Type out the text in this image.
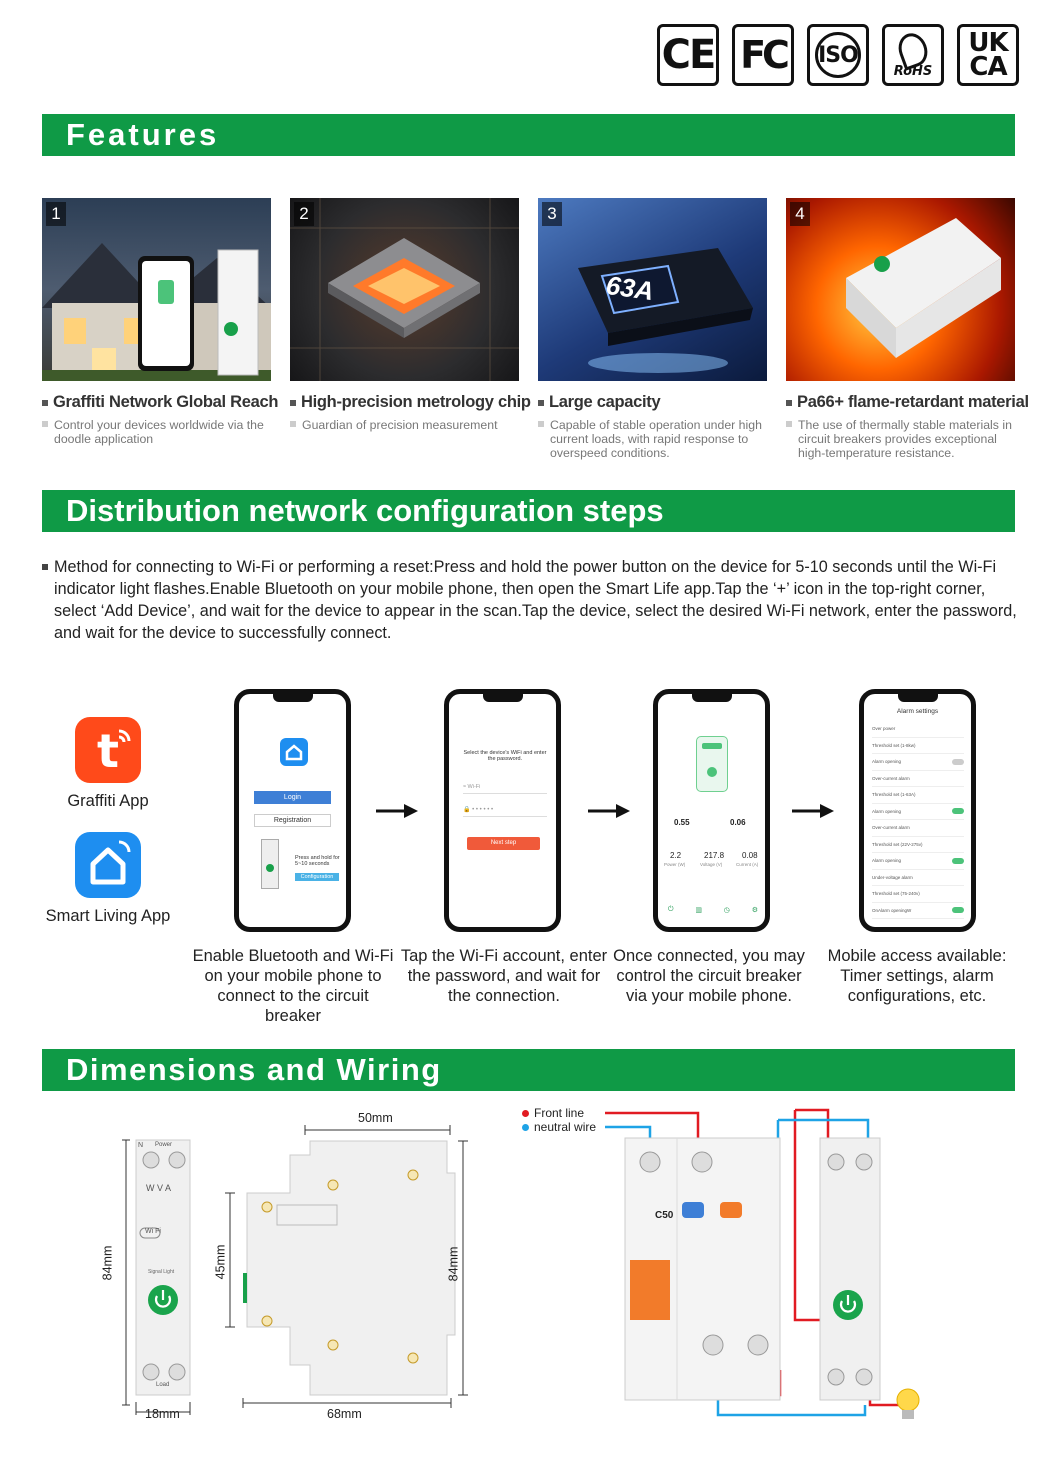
CE FC ISO
RoHS
UK CA
Features
1
Graffiti Network Global Reach
Control your devices worldwide via the doodle application
2
High-precision metrology chip
Guardian of precision measurement
63A
3
Large capacity
Capable of stable operation under high current loads, with rapid response to overspeed conditions.
4
Pa66+ flame-retardant material
The use of thermally stable materials in circuit breakers provides exceptional high-temperature resistance.
Distribution network configuration steps
Method for connecting to Wi-Fi or performing a reset:Press and hold the power button on the device for 5-10 seconds until the Wi-Fi indicator light flashes.Enable Bluetooth on your mobile phone, then open the Smart Life app.Tap the ‘+’ icon in the top-right corner, select ‘Add Device’, and wait for the device to appear in the scan.Tap the device, select the desired Wi-Fi network, enter the password, and wait for the device to successfully connect.
t
Graffiti App
Smart Living App
Login
Registration
Press and hold for 5~10 seconds
Configuration
Select the device's WiFi and enter the password.
≈ Wi-Fi
🔒 • • • • • •
Next step
0.55	0.06
2.2	217.8 0.08
Power (W)	Voltage (V)	Current (A)
⏻	▥	◷	⚙
Alarm settings
Over power
Threshold set (1-8kw)
Alarm opening
Over-current alarm
Threshold set (1-63A)
Alarm opening
Over-current alarm
Threshold set (22V-275v)
Alarm opening
Under-voltage alarm
Threshold set (75-240v)
OnAlarm openingW
Enable Bluetooth and Wi-Fi on your mobile phone to connect to the circuit breaker
Tap the Wi-Fi account, enter the password, and wait for the connection.
Once connected, you may control the circuit breaker via your mobile phone.
Mobile access available: Timer settings, alarm configurations, etc.
Dimensions and Wiring
84mm
18mm
N Power
W V A
Load
Wi Fi
Signal Light
50mm
45mm	84mm
68mm
Front line
neutral wire
C50
